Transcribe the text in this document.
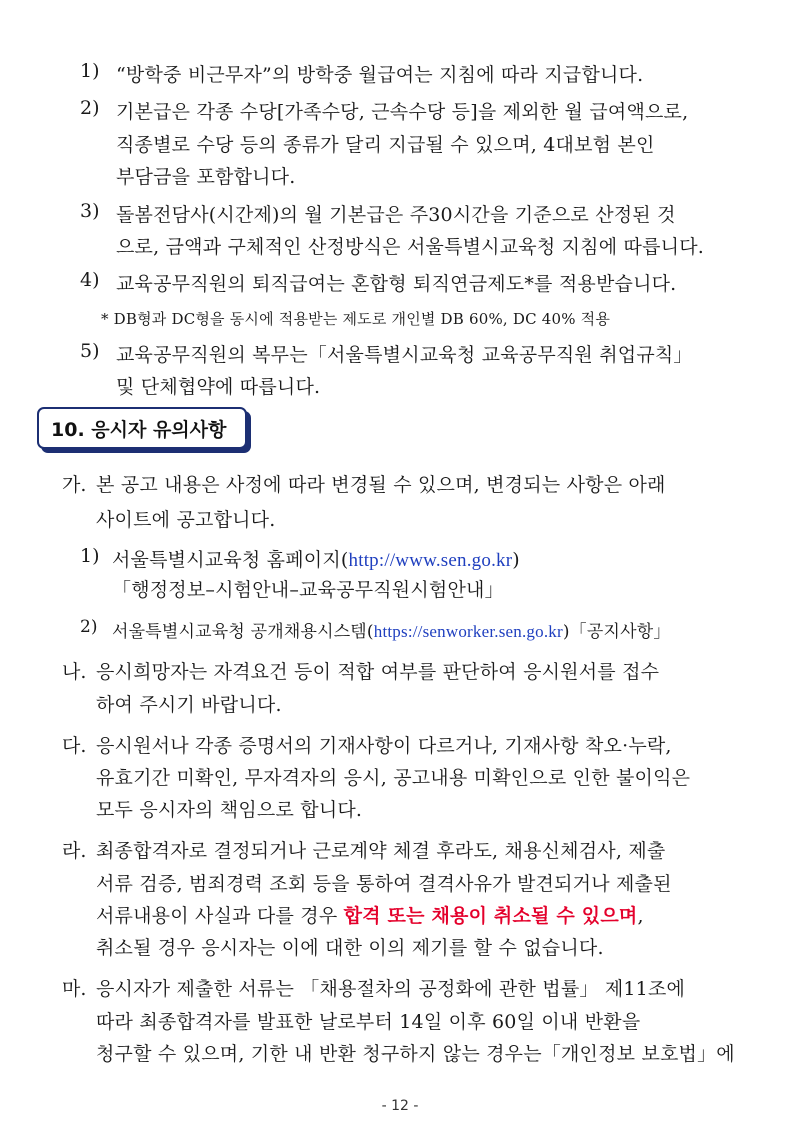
1) “방학중 비근무자”의 방학중 월급여는 지침에 따라 지급합니다.
2) 기본급은 각종 수당[가족수당, 근속수당 등]을 제외한 월 급여액으로,
직종별로 수당 등의 종류가 달리 지급될 수 있으며, 4대보험 본인
부담금을 포함합니다.
3) 돌봄전담사(시간제)의 월 기본급은 주30시간을 기준으로 산정된 것
으로, 금액과 구체적인 산정방식은 서울특별시교육청 지침에 따릅니다.
4) 교육공무직원의 퇴직급여는 혼합형 퇴직연금제도*를 적용받습니다.
* DB형과 DC형을 동시에 적용받는 제도로 개인별 DB 60%, DC 40% 적용
5) 교육공무직원의 복무는「서울특별시교육청 교육공무직원 취업규칙」
및 단체협약에 따릅니다.
10. 응시자 유의사항
가. 본 공고 내용은 사정에 따라 변경될 수 있으며, 변경되는 사항은 아래
사이트에 공고합니다.
1) 서울특별시교육청 홈페이지(http://www.sen.go.kr)
「행정정보–시험안내–교육공무직원시험안내」
2) 서울특별시교육청 공개채용시스템(https://senworker.sen.go.kr)「공지사항」
나. 응시희망자는 자격요건 등이 적합 여부를 판단하여 응시원서를 접수
하여 주시기 바랍니다.
다. 응시원서나 각종 증명서의 기재사항이 다르거나, 기재사항 착오·누락,
유효기간 미확인, 무자격자의 응시, 공고내용 미확인으로 인한 불이익은
모두 응시자의 책임으로 합니다.
라. 최종합격자로 결정되거나 근로계약 체결 후라도, 채용신체검사, 제출
서류 검증, 범죄경력 조회 등을 통하여 결격사유가 발견되거나 제출된
서류내용이 사실과 다를 경우 합격 또는 채용이 취소될 수 있으며,
취소될 경우 응시자는 이에 대한 이의 제기를 할 수 없습니다.
마. 응시자가 제출한 서류는 「채용절차의 공정화에 관한 법률」 제11조에
따라 최종합격자를 발표한 날로부터 14일 이후 60일 이내 반환을
청구할 수 있으며, 기한 내 반환 청구하지 않는 경우는「개인정보 보호법」에
- 12 -
